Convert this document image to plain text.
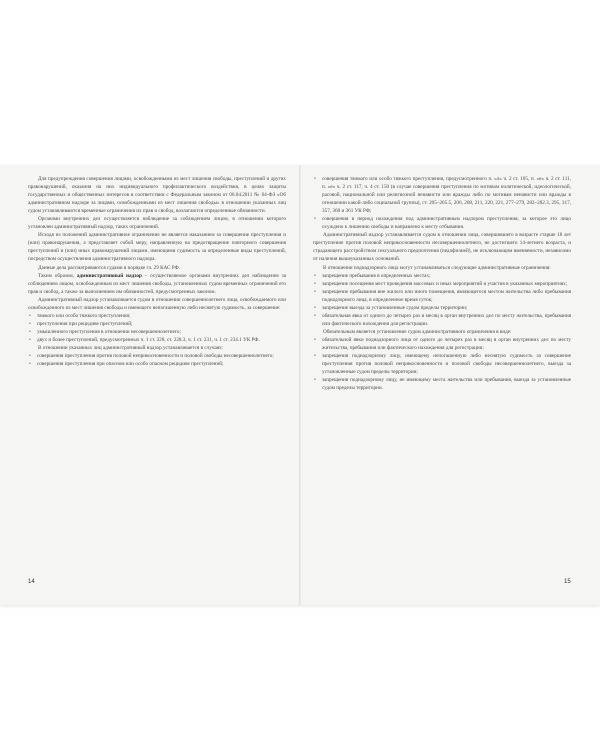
Для предупреждения совершения лицами, освобожденными из мест лишения свободы, преступлений и других правонарушений, оказания на них индивидуального профилактического воздействия, в целях защиты государственных и общественных интересов в соответствии с Федеральным законом от 06.04.2011 № 64-ФЗ «Об административном надзоре за лицами, освобожденными из мест лишения свободы» в отношении указанных лиц судом устанавливаются временные ограничения их прав и свобод, возлагаются определенные обязанности.

Органами внутренних дел осуществляется наблюдение за соблюдением лицом, в отношении которого установлен административный надзор, таких ограничений.

Исходя из положений административное ограничение не является наказанием за совершение преступления и (или) правонарушения, а представляет собой меру, направленную на предотвращение повторного совершения преступлений и (или) иных правонарушений лицами, имеющими судимость за определенные виды преступлений, посредством осуществления административного надзора.

Данные дела рассматриваются судами в порядке гл. 29 КАС РФ.

Таким образом, административный надзор – осуществляемое органами внутренних дел наблюдение за соблюдением лицом, освобожденным из мест лишения свободы, установленных судом временных ограничений его прав и свобод, а также за выполнением им обязанностей, предусмотренных законом.

Административный надзор устанавливается судом в отношении совершеннолетнего лица, освобождаемого или освобожденного из мест лишения свободы и имеющего непогашенную либо неснятую судимость, за совершение:

• тяжкого или особо тяжкого преступления;

• преступления при рецидиве преступлений;

• умышленного преступления в отношении несовершеннолетнего;

• двух и более преступлений, предусмотренных ч. 1 ст. 228, ст. 228.3, ч. 1 ст. 231, ч. 1 ст. 234.1 УК РФ.

В отношении указанных лиц административный надзор устанавливается в случаях:

• совершения преступления против половой неприкосновенности и половой свободы несовершеннолетнего;

• совершения преступления при опасном или особо опасном рецидиве преступлений;

14

• совершения тяжкого или особо тяжкого преступления, предусмотренного п. «л» ч. 2 ст. 105, п. «е» ч. 2 ст. 111, п. «е» ч. 2 ст. 117, ч. 4 ст. 150 (в случае совершения преступления по мотивам политической, идеологической, расовой, национальной или религиозной ненависти или вражды либо по мотивам ненависти или вражды в отношении какой-либо социальной группы), ст. 205–205.5, 206, 208, 211, 220, 221, 277–279, 282–282.3, 295, 317, 357, 360 и 361 УК РФ;

• совершения в период нахождения под административным надзором преступления, за которое это лицо осуждено к лишению свободы и направлено к месту отбывания.

Административный надзор устанавливается судом в отношении лица, совершившего в возрасте старше 18 лет преступление против половой неприкосновенности несовершеннолетнего, не достигшего 14-летнего возраста, и страдающего расстройством сексуального предпочтения (педофилией), не исключающим вменяемости, независимо от наличия вышеуказанных оснований.

В отношении поднадзорного лица могут устанавливаться следующие административные ограничения:

• запрещение пребывания в определенных местах;

• запрещение посещения мест проведения массовых и иных мероприятий и участия в указанных мероприятиях;

• запрещение пребывания вне жилого или иного помещения, являющегося местом жительства либо пребывания поднадзорного лица, в определенное время суток;

• запрещение выезда за установленные судом пределы территории;

• обязательная явка от одного до четырех раз в месяц в орган внутренних дел по месту жительства, пребывания или фактического нахождения для регистрации.

Обязательным является установление судом административного ограничения в виде:

• обязательной явки поднадзорного лица от одного до четырех раз в месяц в орган внутренних дел по месту жительства, пребывания или фактического нахождения для регистрации;

• запрещения поднадзорному лицу, имеющему непогашенную либо неснятую судимость за совершение преступления против половой неприкосновенности и половой свободы несовершеннолетнего, выезда за установленные судом пределы территории;

• запрещения поднадзорному лицу, не имеющему места жительства или пребывания, выезда за установленные судом пределы территории.

15
